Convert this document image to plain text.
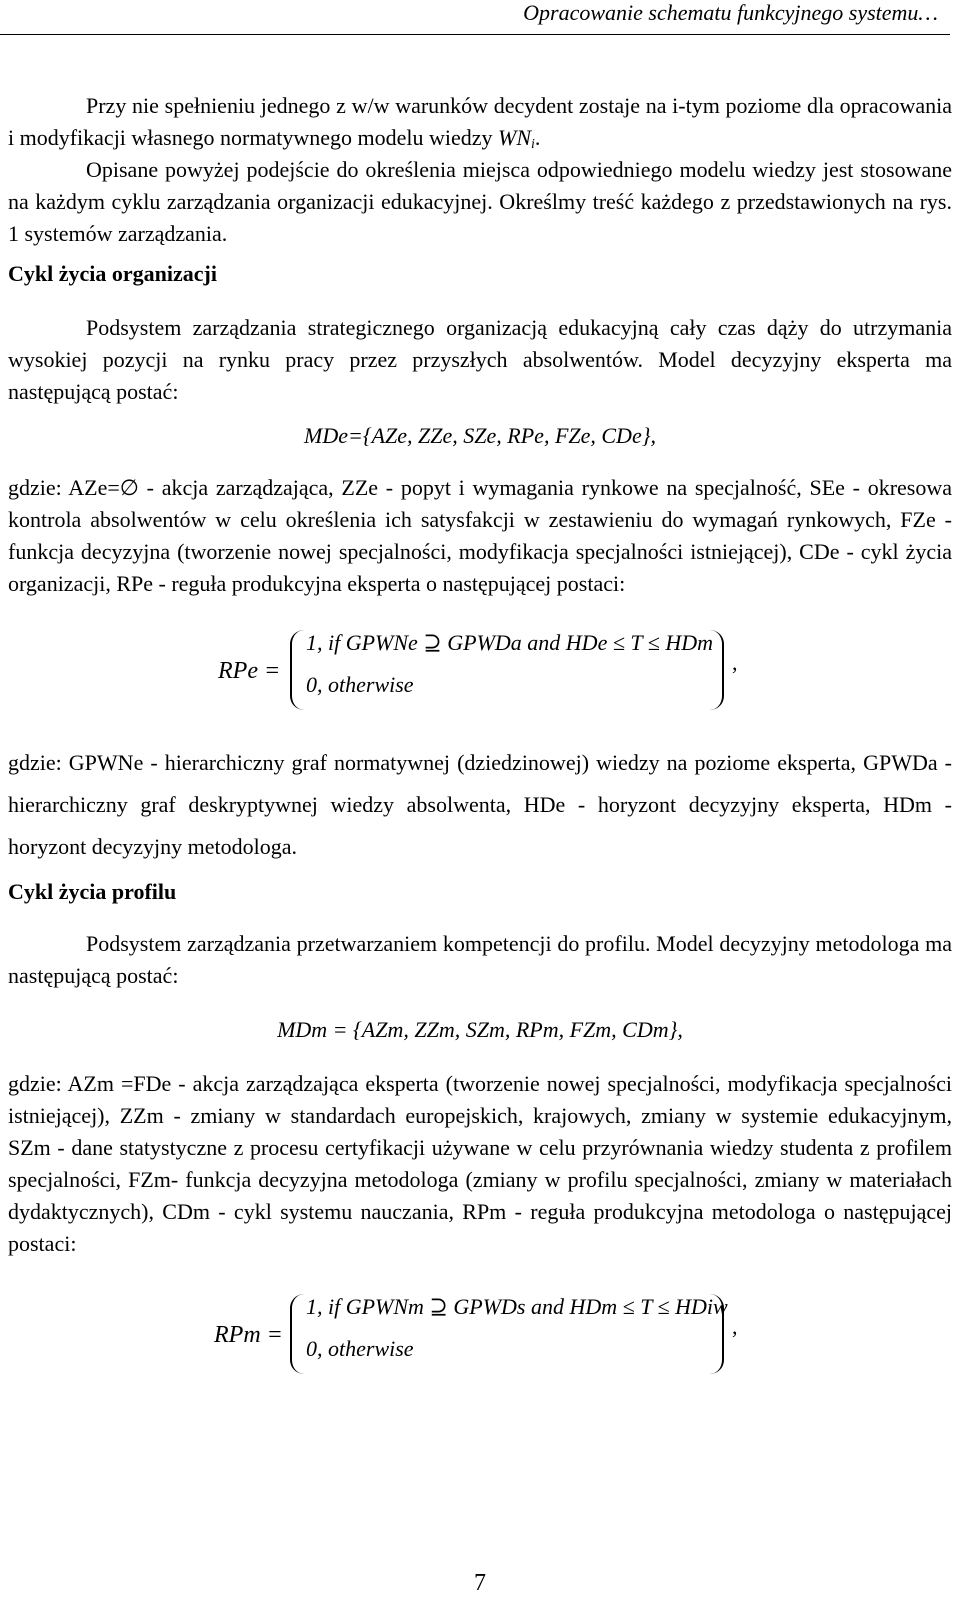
Opracowanie schematu funkcyjnego systemu…

Przy nie spełnieniu jednego z w/w warunków decydent zostaje na i-tym poziome dla opracowania i modyfikacji własnego normatywnego modelu wiedzy $WN_i$.

Opisane powyżej podejście do określenia miejsca odpowiedniego modelu wiedzy jest stosowane na każdym cyklu zarządzania organizacji edukacyjnej. Określmy treść każdego z przedstawionych na rys. 1 systemów zarządzania.

Cykl życia organizacji

Podsystem zarządzania strategicznego organizacją edukacyjną cały czas dąży do utrzymania wysokiej pozycji na rynku pracy przez przyszłych absolwentów. Model decyzyjny eksperta ma następującą postać:

MDe={AZe, ZZe, SZe, RPe, FZe, CDe},

gdzie: AZe=∅ - akcja zarządzająca, ZZe - popyt i wymagania rynkowe na specjalność, SEe - okresowa kontrola absolwentów w celu określenia ich satysfakcji w zestawieniu do wymagań rynkowych, FZe - funkcja decyzyjna (tworzenie nowej specjalności, modyfikacja specjalności istniejącej), CDe - cykl życia organizacji, RPe - reguła produkcyjna eksperta o następującej postaci:

RPe =
1, if GPWNe ⊇ GPWDa and HDe ≤ T ≤ HDm
0, otherwise
,

gdzie: GPWNe - hierarchiczny graf normatywnej (dziedzinowej) wiedzy na poziome eksperta, GPWDa - hierarchiczny graf deskryptywnej wiedzy absolwenta, HDe - horyzont decyzyjny eksperta, HDm - horyzont decyzyjny metodologa.

Cykl życia profilu

Podsystem zarządzania przetwarzaniem kompetencji do profilu. Model decyzyjny metodologa ma następującą postać:

MDm = {AZm, ZZm, SZm, RPm, FZm, CDm},

gdzie: AZm =FDe - akcja zarządzająca eksperta (tworzenie nowej specjalności, modyfikacja specjalności istniejącej), ZZm - zmiany w standardach europejskich, krajowych, zmiany w systemie edukacyjnym, SZm - dane statystyczne z procesu certyfikacji używane w celu przyrównania wiedzy studenta z profilem specjalności, FZm- funkcja decyzyjna metodologa (zmiany w profilu specjalności, zmiany w materiałach dydaktycznych), CDm - cykl systemu nauczania, RPm - reguła produkcyjna metodologa o następującej postaci:

RPm =
1, if GPWNm ⊇ GPWDs and HDm ≤ T ≤ HDiw
0, otherwise
,
7
